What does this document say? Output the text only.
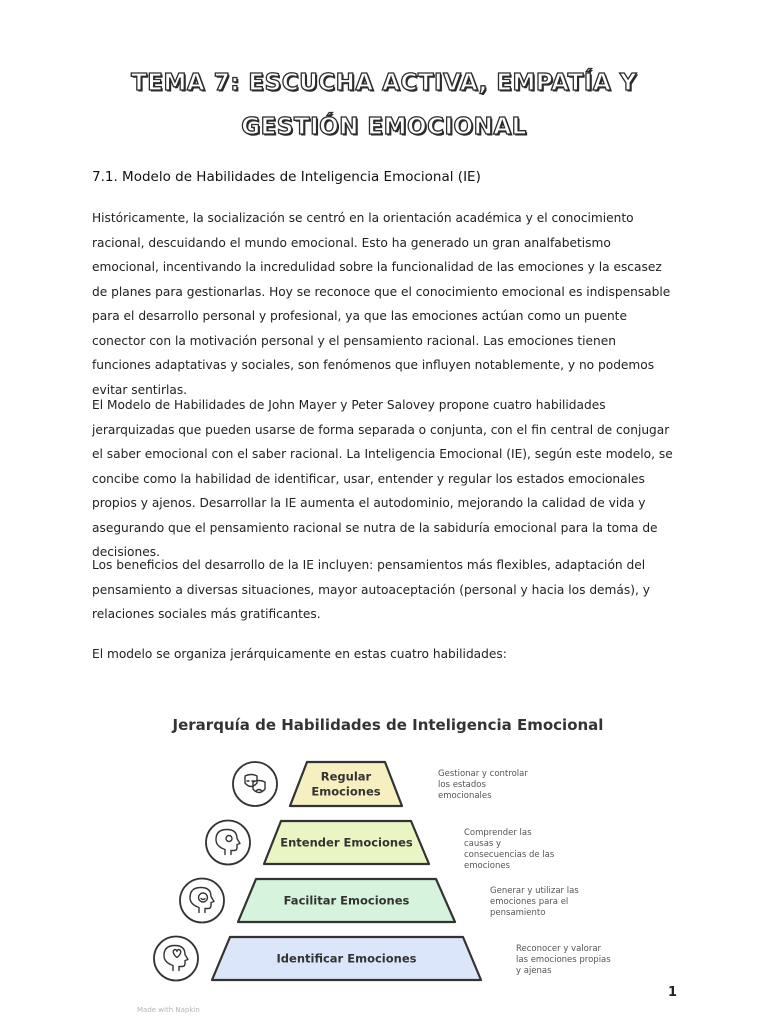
TEMA 7: ESCUCHA ACTIVA, EMPATÍA Y
GESTIÓN EMOCIONAL
7.1. Modelo de Habilidades de Inteligencia Emocional (IE)

Históricamente, la socialización se centró en la orientación académica y el conocimiento racional, descuidando el mundo emocional. Esto ha generado un gran analfabetismo emocional, incentivando la incredulidad sobre la funcionalidad de las emociones y la escasez de planes para gestionarlas. Hoy se reconoce que el conocimiento emocional es indispensable para el desarrollo personal y profesional, ya que las emociones actúan como un puente conector con la motivación personal y el pensamiento racional. Las emociones tienen funciones adaptativas y sociales, son fenómenos que influyen notablemente, y no podemos evitar sentirlas.

El Modelo de Habilidades de John Mayer y Peter Salovey propone cuatro habilidades jerarquizadas que pueden usarse de forma separada o conjunta, con el fin central de conjugar el saber emocional con el saber racional. La Inteligencia Emocional (IE), según este modelo, se concibe como la habilidad de identificar, usar, entender y regular los estados emocionales propios y ajenos. Desarrollar la IE aumenta el autodominio, mejorando la calidad de vida y asegurando que el pensamiento racional se nutra de la sabiduría emocional para la toma de decisiones.

Los beneficios del desarrollo de la IE incluyen: pensamientos más flexibles, adaptación del pensamiento a diversas situaciones, mayor autoaceptación (personal y hacia los demás), y relaciones sociales más gratificantes.

El modelo se organiza jerárquicamente en estas cuatro habilidades:

Jerarquía de Habilidades de Inteligencia Emocional
Regular
Emociones
Gestionar y controlar
los estados
emocionales
Entender Emociones
Comprender las
causas y
consecuencias de las
emociones
Facilitar Emociones
Generar y utilizar las
emociones para el
pensamiento
Identificar Emociones
Reconocer y valorar
las emociones propias
y ajenas
Made with Napkin
1
